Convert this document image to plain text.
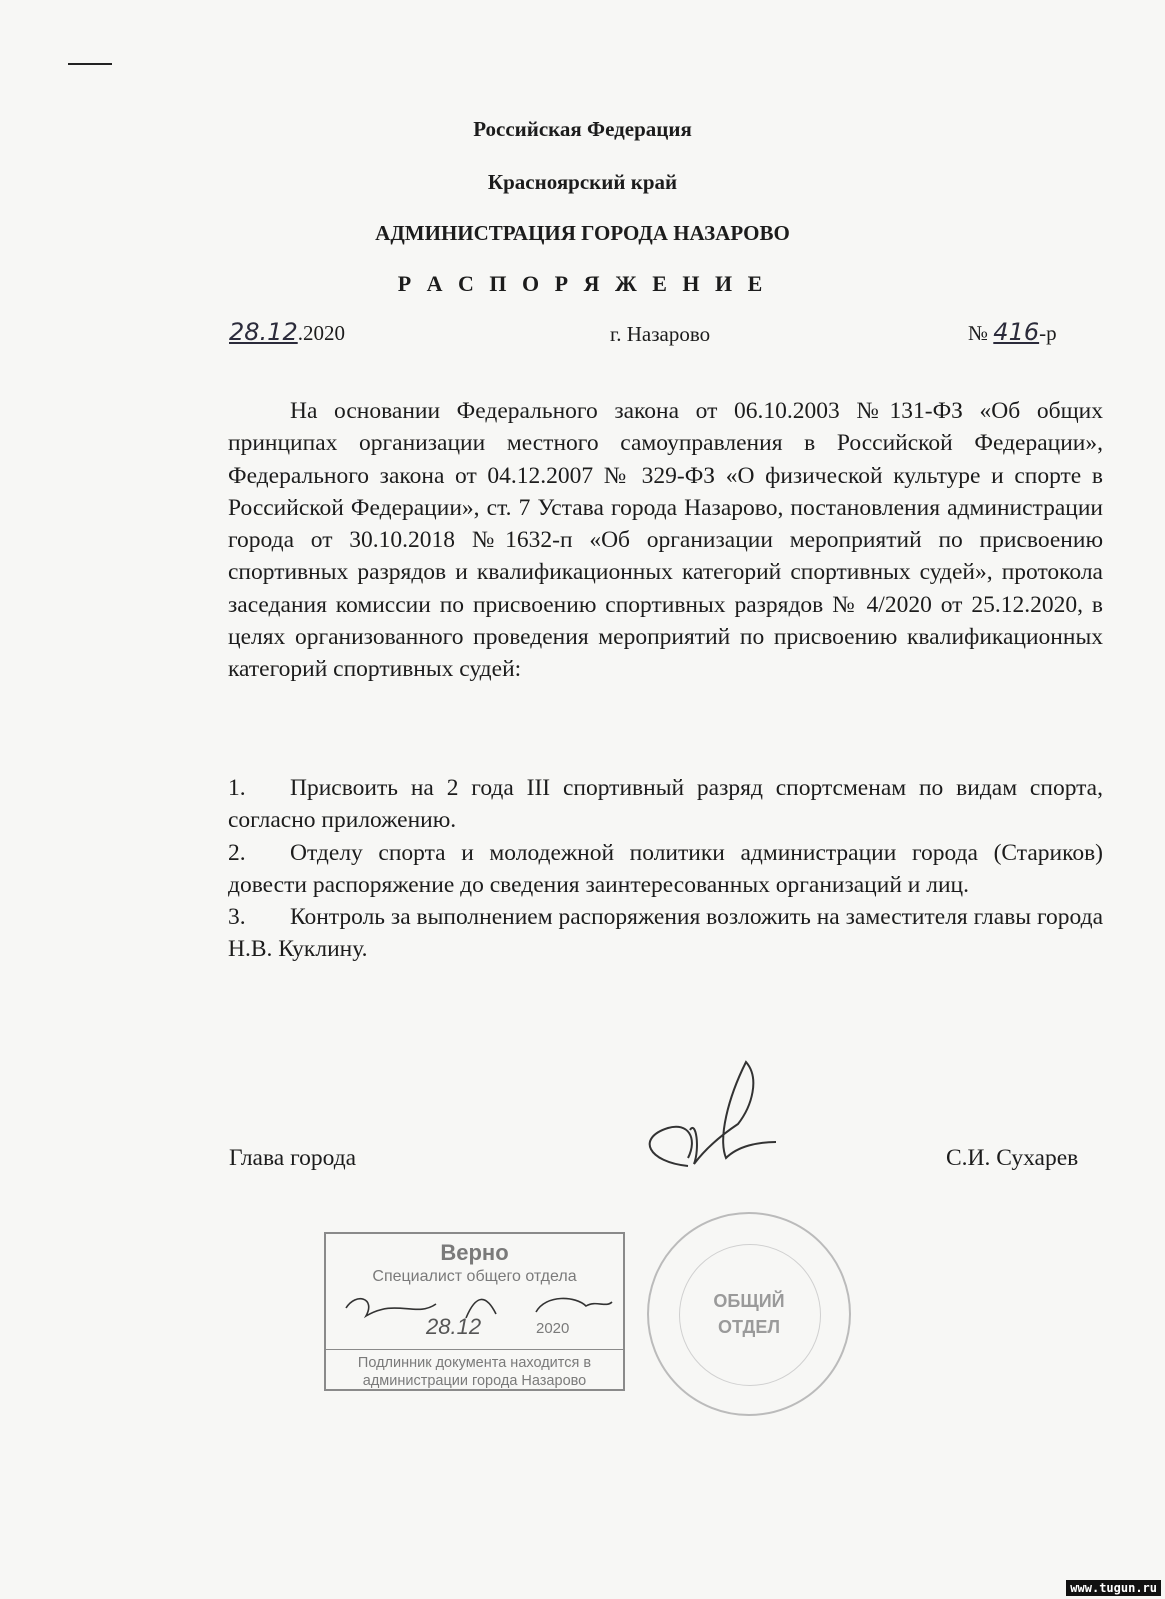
Российская Федерация
Красноярский край
АДМИНИСТРАЦИЯ ГОРОДА НАЗАРОВО
Р А С П О Р Я Ж Е Н И Е
28.12.2020	г. Назарово	№ 416-р
На основании Федерального закона от 06.10.2003 №131-ФЗ «Об общих принципах организации местного самоуправления в Российской Федерации», Федерального закона от 04.12.2007 № 329-ФЗ «О физической культуре и спорте в Российской Федерации», ст. 7 Устава города Назарово, постановления администрации города от 30.10.2018 №1632-п «Об организации мероприятий по присвоению спортивных разрядов и квалификационных категорий спортивных судей», протокола заседания комиссии по присвоению спортивных разрядов № 4/2020 от 25.12.2020, в целях организованного проведения мероприятий по присвоению квалификационных категорий спортивных судей:
1. Присвоить на 2 года III спортивный разряд спортсменам по видам спорта, согласно приложению.
2. Отделу спорта и молодежной политики администрации города (Стариков) довести распоряжение до сведения заинтересованных организаций и лиц.
3. Контроль за выполнением распоряжения возложить на заместителя главы города Н.В. Куклину.
Глава города	С.И. Сухарев
Верно
Специалист общего отдела
28.12	2020
Подлинник документа находится в
администрации города Назарово
ОБЩИЙ
ОТДЕЛ
www.tugun.ru
